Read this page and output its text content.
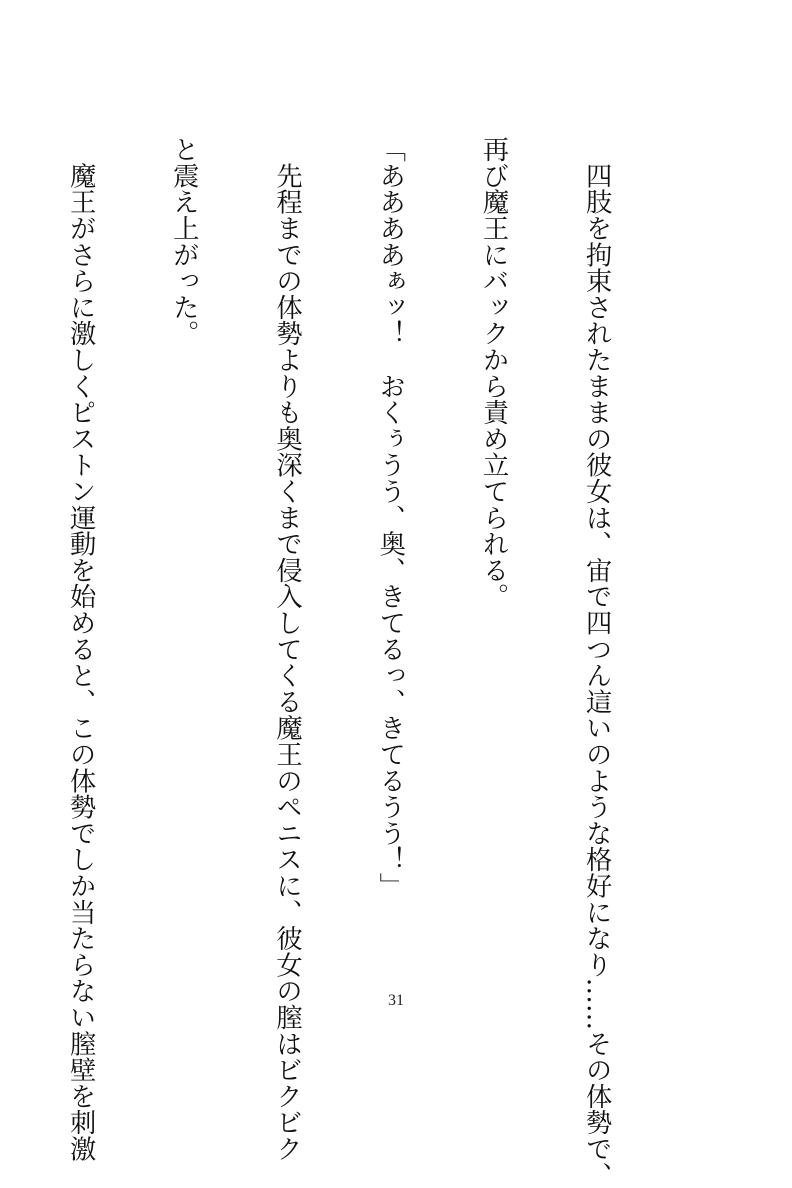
　四肢を拘束されたままの彼女は、宙で四つん這いのような格好になり……その体勢で、

再び魔王にバックから責め立てられる。

「ああああぁッ！　おくぅうう、奥、きてるっ、きてるうう！」

　先程までの体勢よりも奥深くまで侵入してくる魔王のペニスに、彼女の膣はビクビク

と震え上がった。

　魔王がさらに激しくピストン運動を始めると、この体勢でしか当たらない膣壁を刺激

	31
